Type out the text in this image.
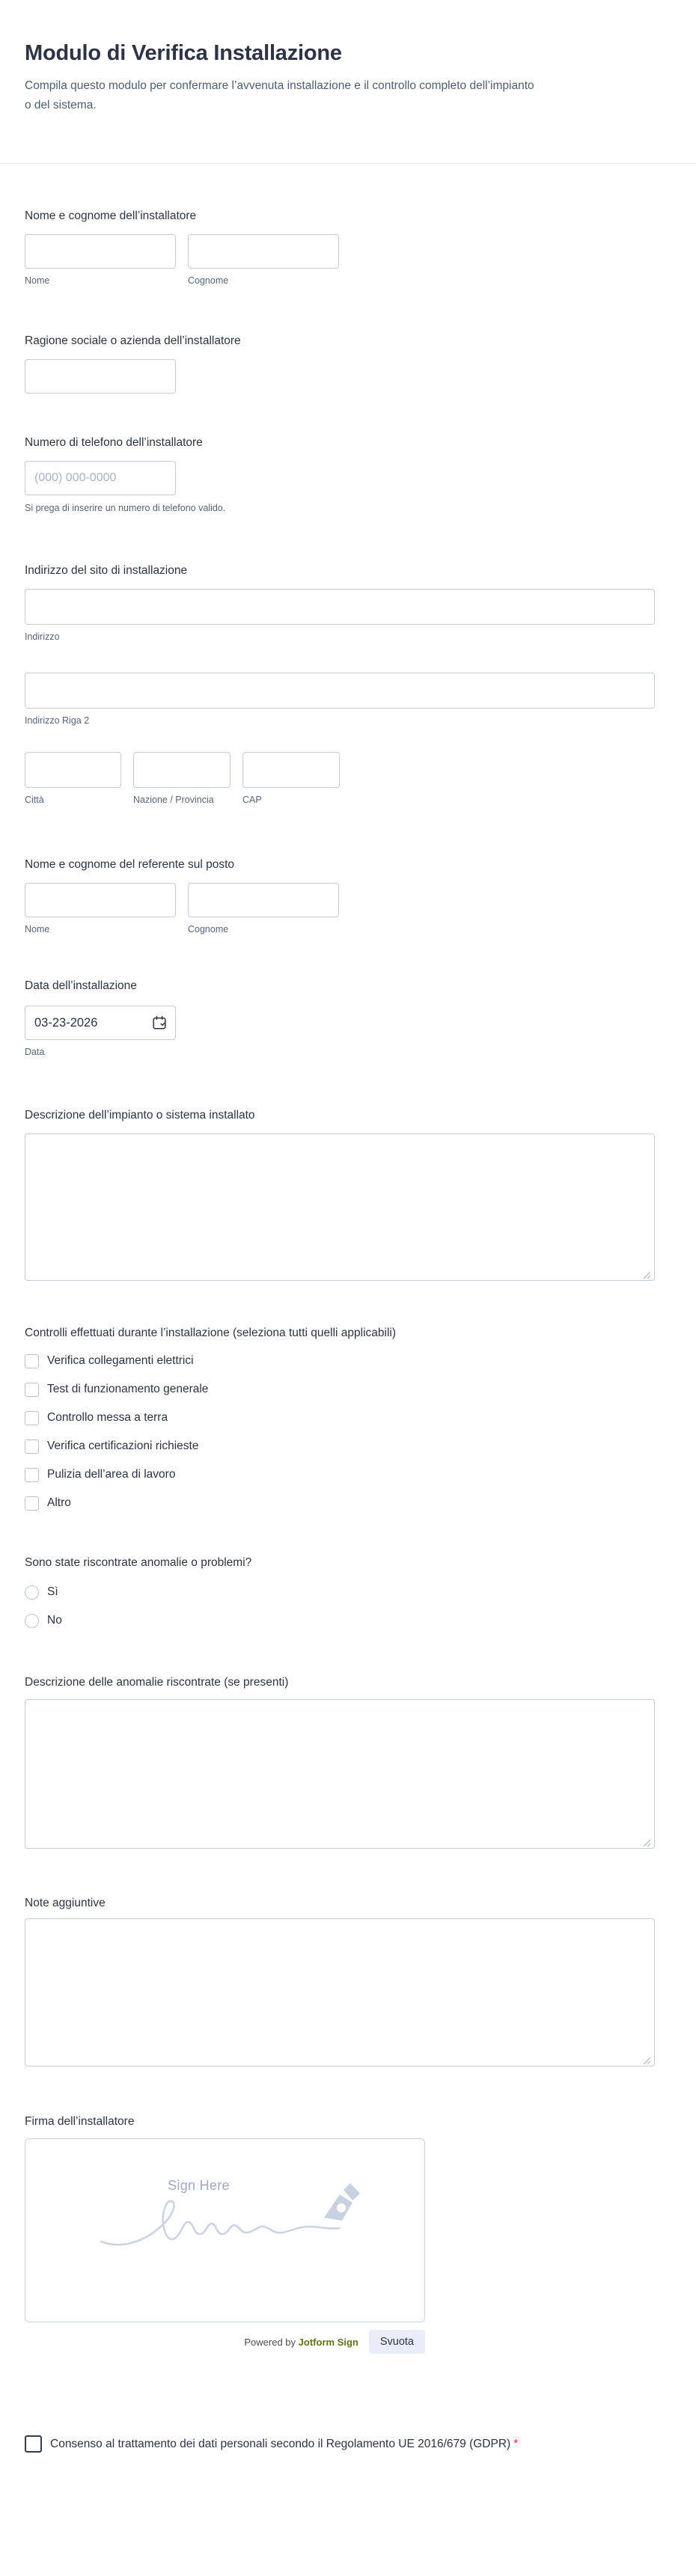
Modulo di Verifica Installazione
Compila questo modulo per confermare l’avvenuta installazione e il controllo completo dell’impianto o del sistema.
Nome e cognome dell’installatore
Nome	Cognome
Ragione sociale o azienda dell’installatore
Numero di telefono dell’installatore
(000) 000-0000
Si prega di inserire un numero di telefono valido.
Indirizzo del sito di installazione
Indirizzo
Indirizzo Riga 2
Città	Nazione / Provincia	CAP
Nome e cognome del referente sul posto
Nome	Cognome
Data dell’installazione
03-23-2026
Data
Descrizione dell’impianto o sistema installato
Controlli effettuati durante l’installazione (seleziona tutti quelli applicabili)
Verifica collegamenti elettrici
Test di funzionamento generale
Controllo messa a terra
Verifica certificazioni richieste
Pulizia dell’area di lavoro
Altro
Sono state riscontrate anomalie o problemi?
Sì
No
Descrizione delle anomalie riscontrate (se presenti)
Note aggiuntive
Firma dell’installatore
Sign Here
Powered by Jotform Sign	Svuota
Consenso al trattamento dei dati personali secondo il Regolamento UE 2016/679 (GDPR) *
